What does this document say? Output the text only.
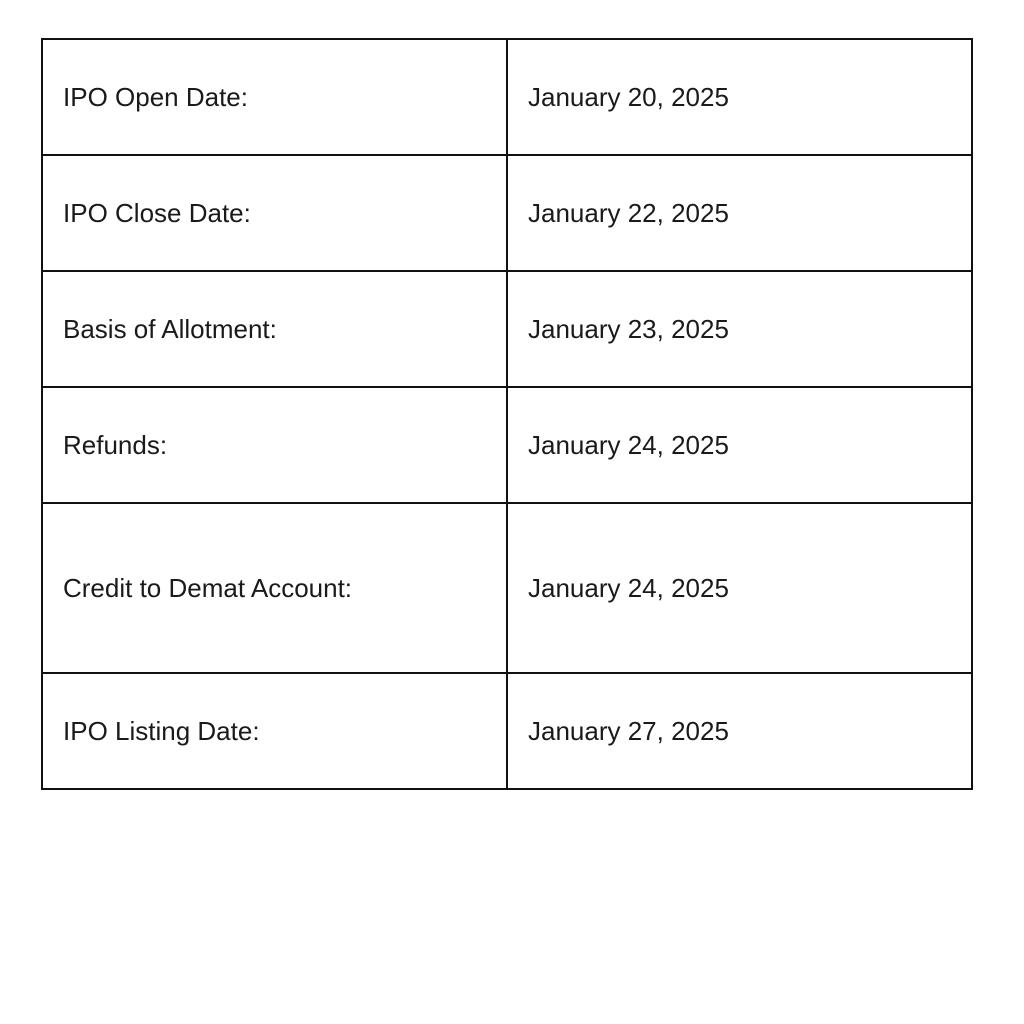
IPO Open Date:	January 20, 2025
IPO Close Date:	January 22, 2025
Basis of Allotment:	January 23, 2025
Refunds:	January 24, 2025
Credit to Demat Account:	January 24, 2025
IPO Listing Date:	January 27, 2025
